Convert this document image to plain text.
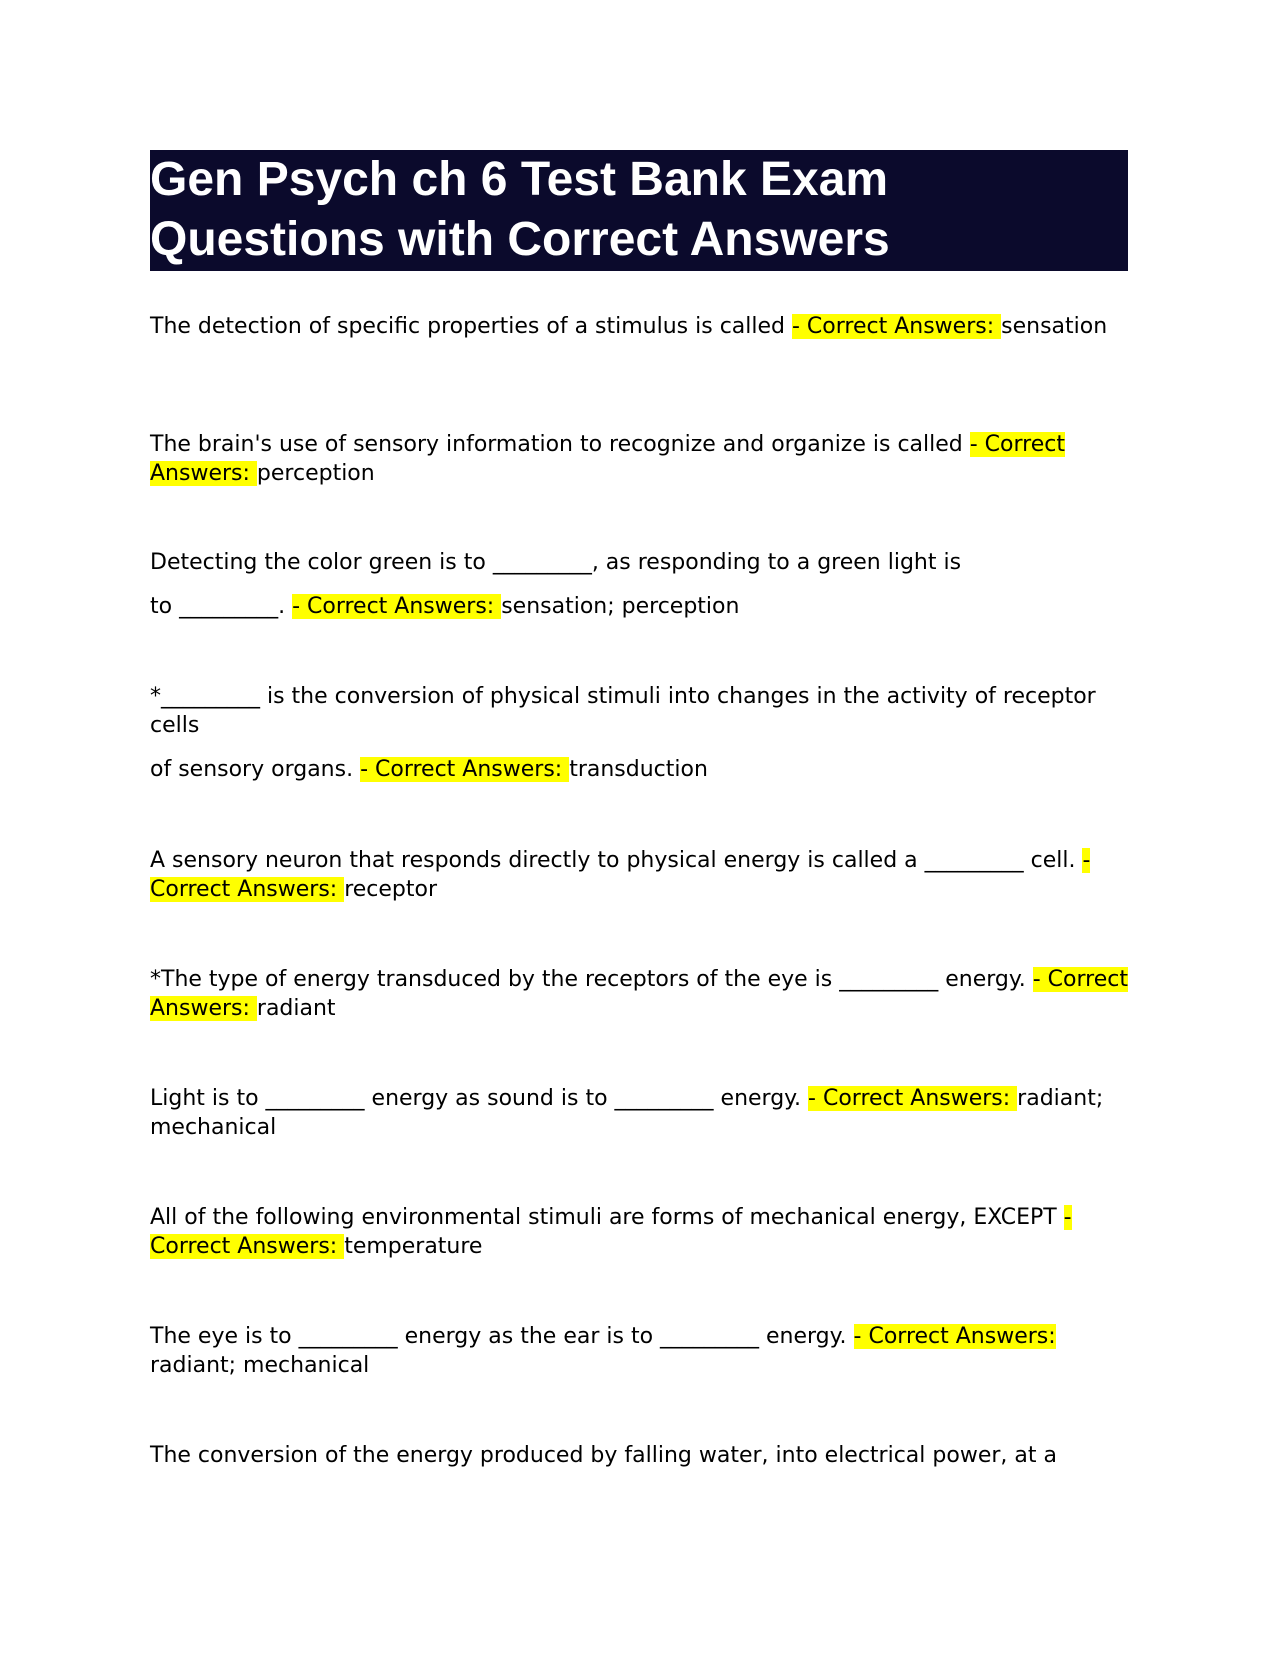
Gen Psych ch 6 Test Bank Exam
Questions with Correct Answers
The detection of specific properties of a stimulus is called - Correct Answers: sensation
The brain's use of sensory information to recognize and organize is called - Correct Answers: perception
Detecting the color green is to _________, as responding to a green light is
to _________. - Correct Answers: sensation; perception
*_________ is the conversion of physical stimuli into changes in the activity of receptor cells
of sensory organs. - Correct Answers: transduction
A sensory neuron that responds directly to physical energy is called a _________ cell. - Correct Answers: receptor
*The type of energy transduced by the receptors of the eye is _________ energy. - Correct Answers: radiant
Light is to _________ energy as sound is to _________ energy. - Correct Answers: radiant; mechanical
All of the following environmental stimuli are forms of mechanical energy, EXCEPT - Correct Answers: temperature
The eye is to _________ energy as the ear is to _________ energy. - Correct Answers: radiant; mechanical
The conversion of the energy produced by falling water, into electrical power, at a
